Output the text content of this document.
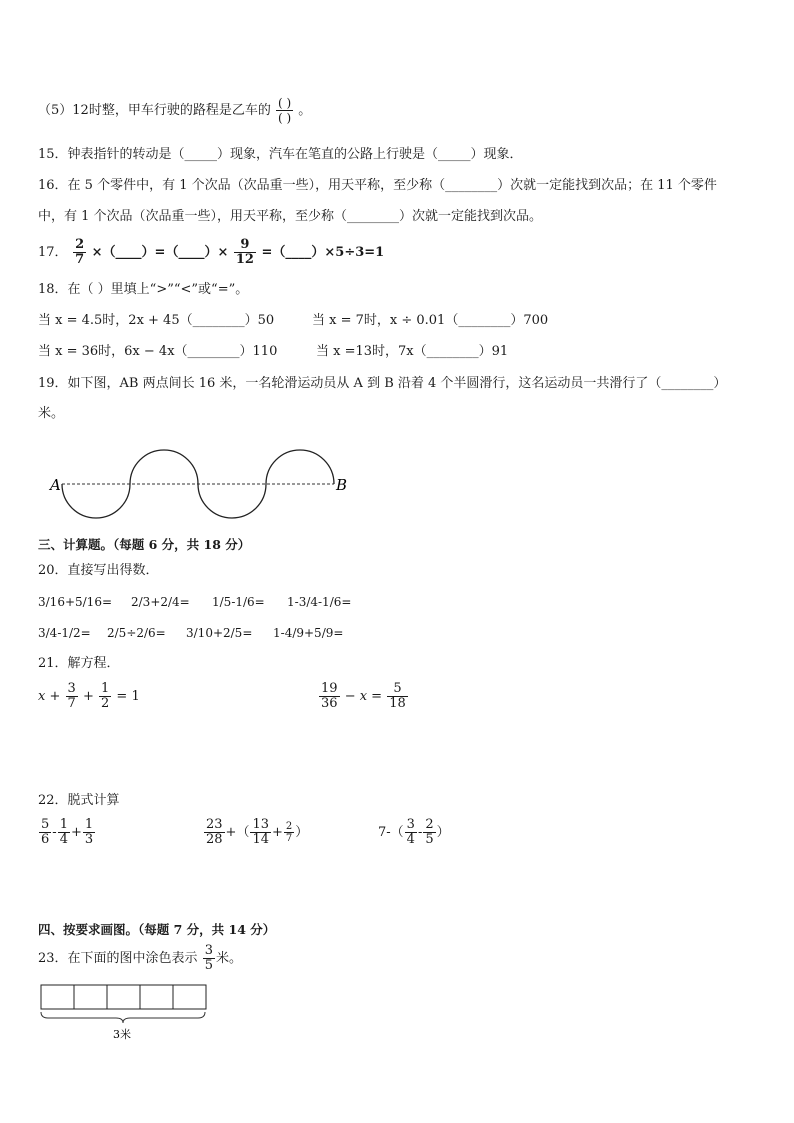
（5）12时整，甲车行驶的路程是乙车的 $\frac{( )}{( )}$ 。
15．钟表指针的转动是（_____）现象，汽车在笔直的公路上行驶是（_____）现象．
16．在 5 个零件中，有 1 个次品（次品重一些），用天平称，至少称（________）次就一定能找到次品；在 11 个零件
中，有 1 个次品（次品重一些），用天平称，至少称（________）次就一定能找到次品。
17． $\frac{2}{7}$ ×（____）=（____）× $\frac{9}{12}$ =（____）×5÷3=1
18．在（ ）里填上“>”“<”或“=”。
当 x = 4.5时，2x + 45（________）50	当 x = 7时，x ÷ 0.01（________）700
当 x = 36时，6x − 4x（________）110	当 x =13时，7x（________）91
19．如下图，AB 两点间长 16 米，一名轮滑运动员从 A 到 B 沿着 4 个半圆滑行，这名运动员一共滑行了（________）
米。
A	B
三、计算题。（每题 6 分，共 18 分）
20．直接写出得数．
3/16+5/16= 2/3+2/4= 1/5-1/6= 1-3/4-1/6=
3/4-1/2= 2/5÷2/6= 3/10+2/5= 1-4/9+5/9=
21．解方程．
$x + \frac{3}{7} + \frac{1}{2} = 1$	$\frac{19}{36} - x = \frac{5}{18}$
22．脱式计算
$\frac{5}{6} - \frac{1}{4} + \frac{1}{3}$	$\frac{23}{28}$ +（ $\frac{13}{14} + \frac{2}{7}$ ）	$7-( \frac{3}{4} - \frac{2}{5}$ ）
四、按要求画图。（每题 7 分，共 14 分）
23．在下面的图中涂色表示 $\frac{3}{5}$ 米。
3米
